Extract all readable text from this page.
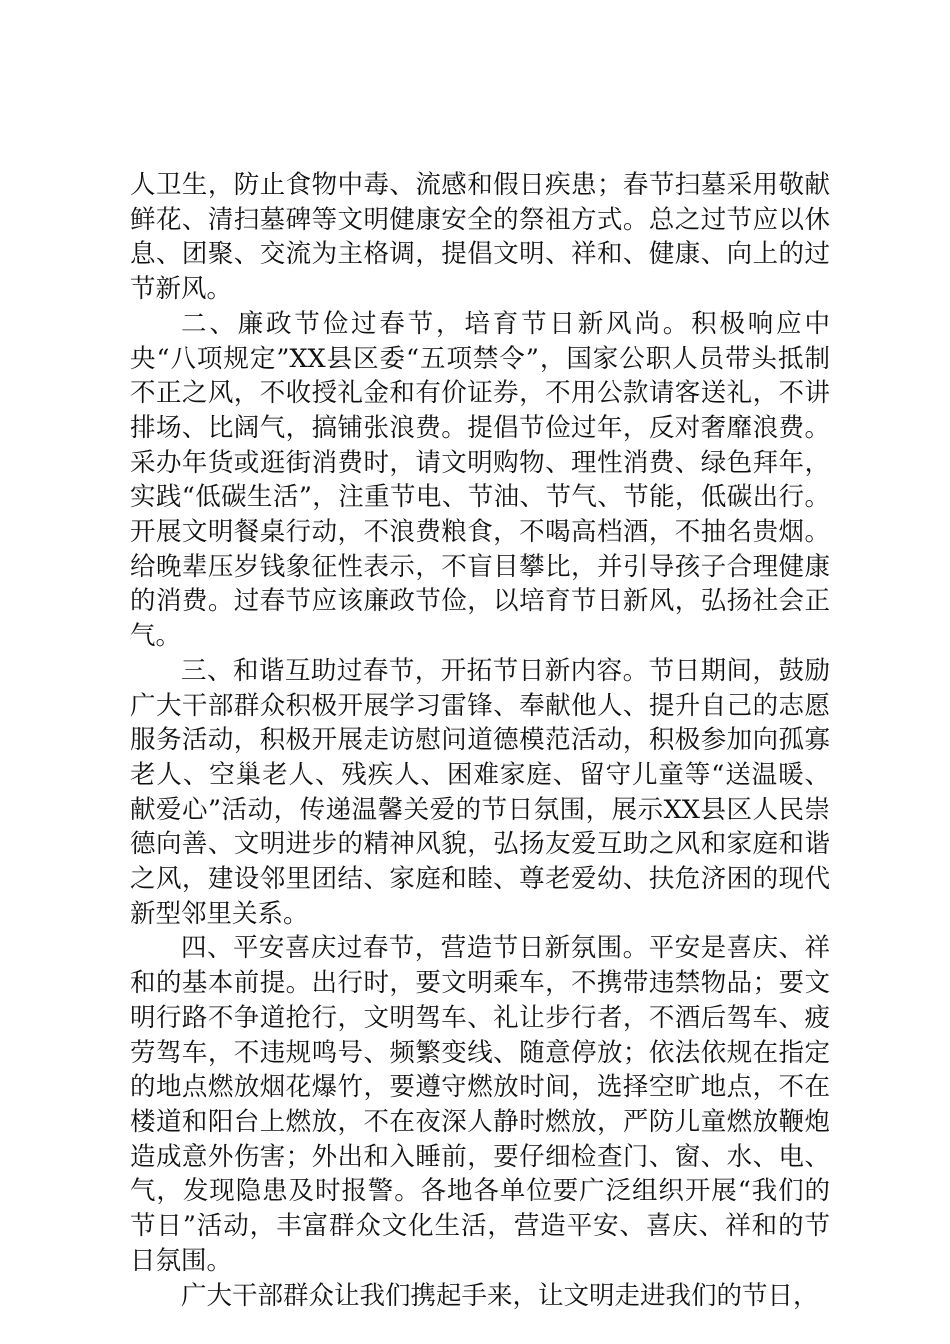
人卫生，防止食物中毒、流感和假日疾患；春节扫墓采用敬献鲜花、清扫墓碑等文明健康安全的祭祖方式。总之过节应以休息、团聚、交流为主格调，提倡文明、祥和、健康、向上的过节新风。

二、廉政节俭过春节，培育节日新风尚。积极响应中央“八项规定”XX县区委“五项禁令”，国家公职人员带头抵制不正之风，不收授礼金和有价证券，不用公款请客送礼，不讲排场、比阔气，搞铺张浪费。提倡节俭过年，反对奢靡浪费。采办年货或逛街消费时，请文明购物、理性消费、绿色拜年，实践“低碳生活”，注重节电、节油、节气、节能，低碳出行。开展文明餐桌行动，不浪费粮食，不喝高档酒，不抽名贵烟。给晚辈压岁钱象征性表示，不盲目攀比，并引导孩子合理健康的消费。过春节应该廉政节俭，以培育节日新风，弘扬社会正气。

三、和谐互助过春节，开拓节日新内容。节日期间，鼓励广大干部群众积极开展学习雷锋、奉献他人、提升自己的志愿服务活动，积极开展走访慰问道德模范活动，积极参加向孤寡老人、空巢老人、残疾人、困难家庭、留守儿童等“送温暖、献爱心”活动，传递温馨关爱的节日氛围，展示XX县区人民崇德向善、文明进步的精神风貌，弘扬友爱互助之风和家庭和谐之风，建设邻里团结、家庭和睦、尊老爱幼、扶危济困的现代新型邻里关系。

四、平安喜庆过春节，营造节日新氛围。平安是喜庆、祥和的基本前提。出行时，要文明乘车，不携带违禁物品；要文明行路不争道抢行，文明驾车、礼让步行者，不酒后驾车、疲劳驾车，不违规鸣号、频繁变线、随意停放；依法依规在指定的地点燃放烟花爆竹，要遵守燃放时间，选择空旷地点，不在楼道和阳台上燃放，不在夜深人静时燃放，严防儿童燃放鞭炮造成意外伤害；外出和入睡前，要仔细检查门、窗、水、电、气，发现隐患及时报警。各地各单位要广泛组织开展“我们的节日”活动，丰富群众文化生活，营造平安、喜庆、祥和的节日氛围。

广大干部群众让我们携起手来，让文明走进我们的节日，
